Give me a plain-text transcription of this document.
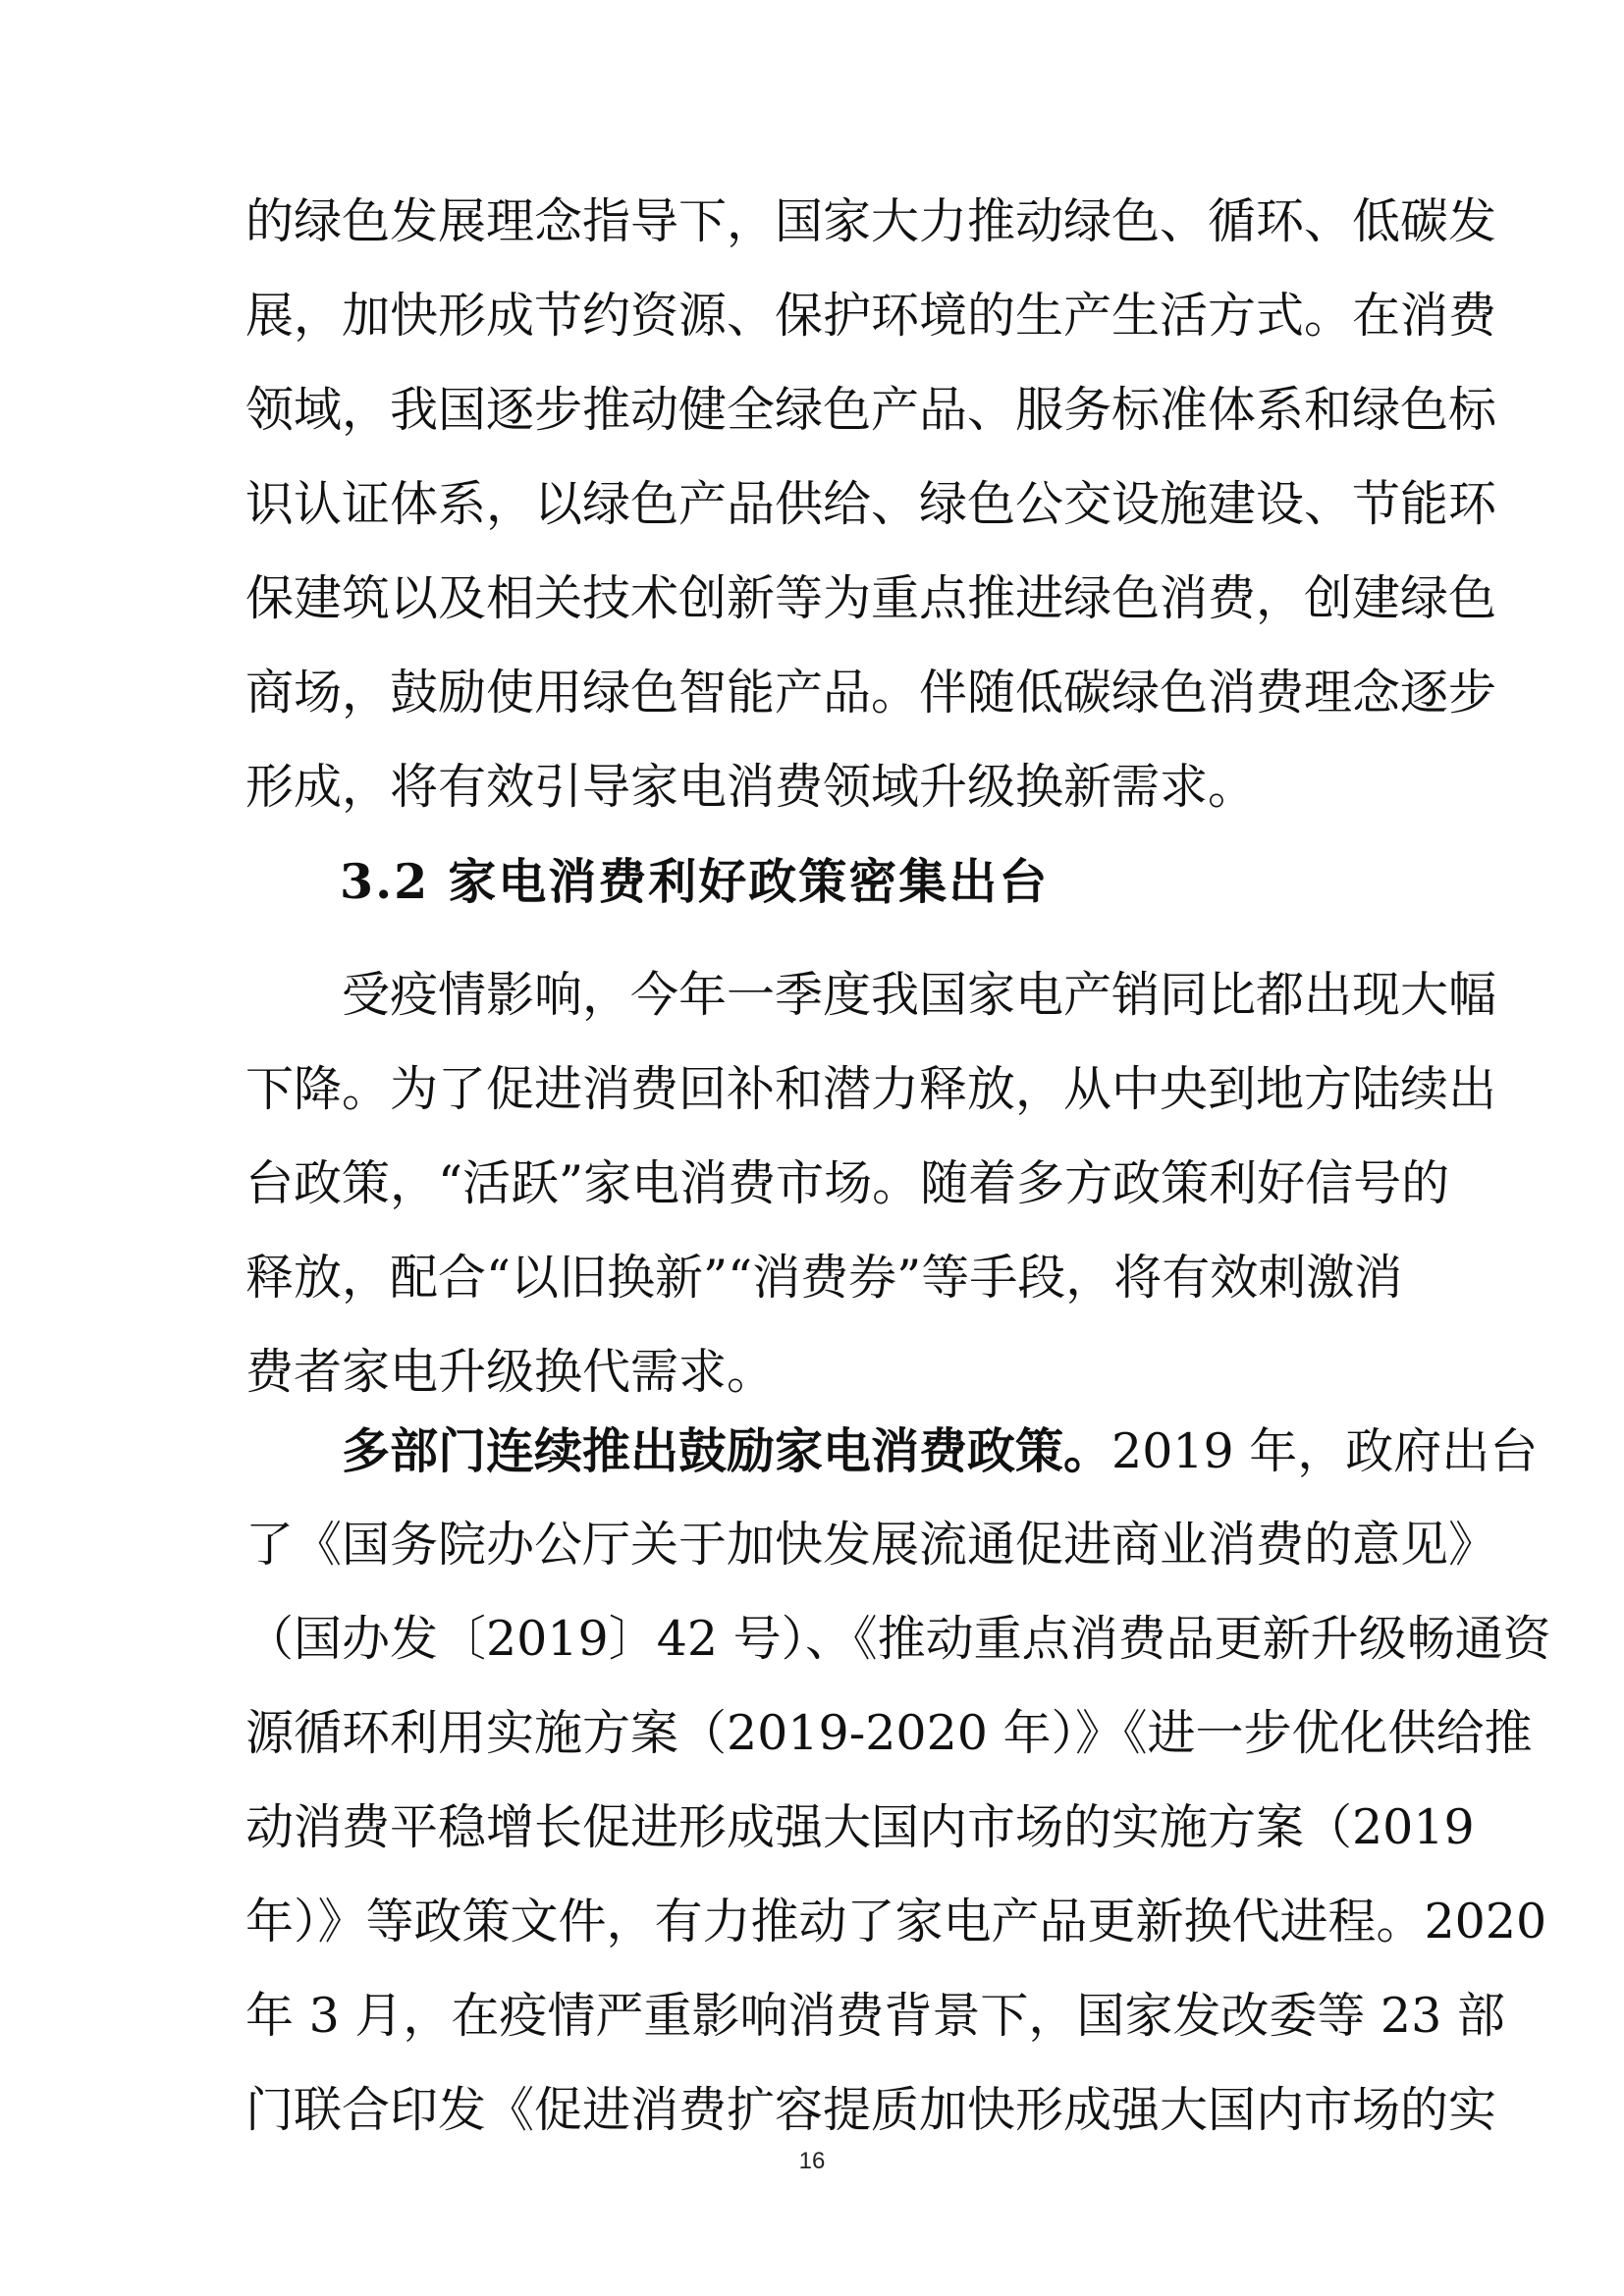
的绿色发展理念指导下，国家大力推动绿色、循环、低碳发
展，加快形成节约资源、保护环境的生产生活方式。在消费
领域，我国逐步推动健全绿色产品、服务标准体系和绿色标
识认证体系，以绿色产品供给、绿色公交设施建设、节能环
保建筑以及相关技术创新等为重点推进绿色消费，创建绿色
商场，鼓励使用绿色智能产品。伴随低碳绿色消费理念逐步
形成，将有效引导家电消费领域升级换新需求。
3.2 家电消费利好政策密集出台
受疫情影响，今年一季度我国家电产销同比都出现大幅
下降。为了促进消费回补和潜力释放，从中央到地方陆续出
台政策，“活跃”家电消费市场。随着多方政策利好信号的
释放，配合“以旧换新”“消费券”等手段，将有效刺激消
费者家电升级换代需求。
多部门连续推出鼓励家电消费政策。2019 年，政府出台
了《国务院办公厅关于加快发展流通促进商业消费的意见》
（国办发〔2019〕42 号）、《推动重点消费品更新升级畅通资
源循环利用实施方案（2019-2020 年）》《进一步优化供给推
动消费平稳增长促进形成强大国内市场的实施方案（2019
年）》等政策文件，有力推动了家电产品更新换代进程。2020
年 3 月，在疫情严重影响消费背景下，国家发改委等 23 部
门联合印发《促进消费扩容提质加快形成强大国内市场的实
16
